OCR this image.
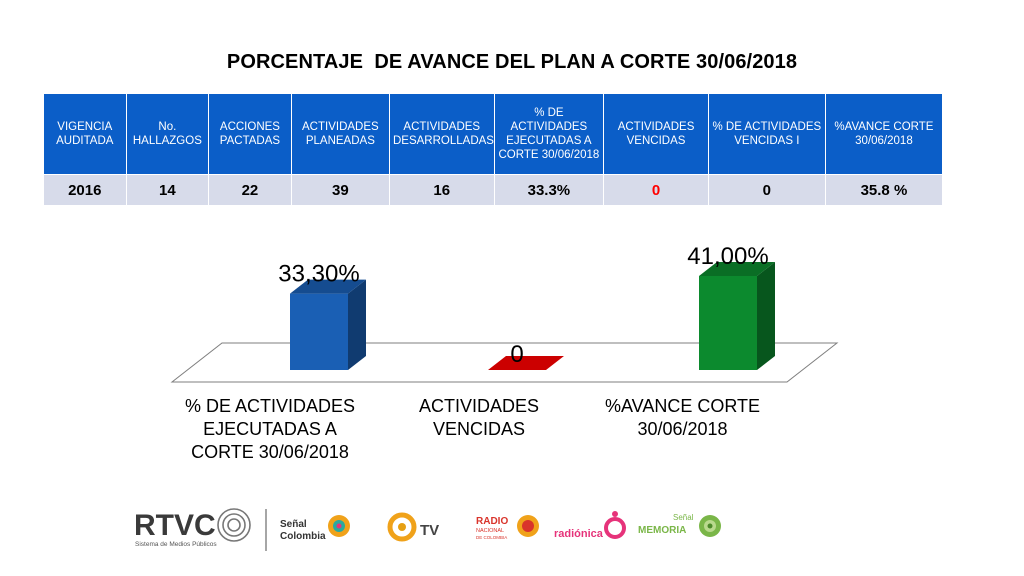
PORCENTAJE  DE AVANCE DEL PLAN A CORTE 30/06/2018
VIGENCIA AUDITADA	No. HALLAZGOS	ACCIONES PACTADAS	ACTIVIDADES PLANEADAS	ACTIVIDADES DESARROLLADAS	% DE ACTIVIDADES EJECUTADAS A CORTE 30/06/2018	ACTIVIDADES VENCIDAS	% DE ACTIVIDADES VENCIDAS I	%AVANCE CORTE 30/06/2018
2016	14	22	39	16	33.3%	0	0	35.8 %
33,30%
0
41,00%
% DE ACTIVIDADES EJECUTADAS A CORTE 30/06/2018
ACTIVIDADES VENCIDAS
%AVANCE CORTE 30/06/2018
RTVC
Sistema de Medios Públicos
Señal
Colombia	TV
RADIO
NACIONAL
DE COLOMBIA	radiónica
Señal
MEMORIA
